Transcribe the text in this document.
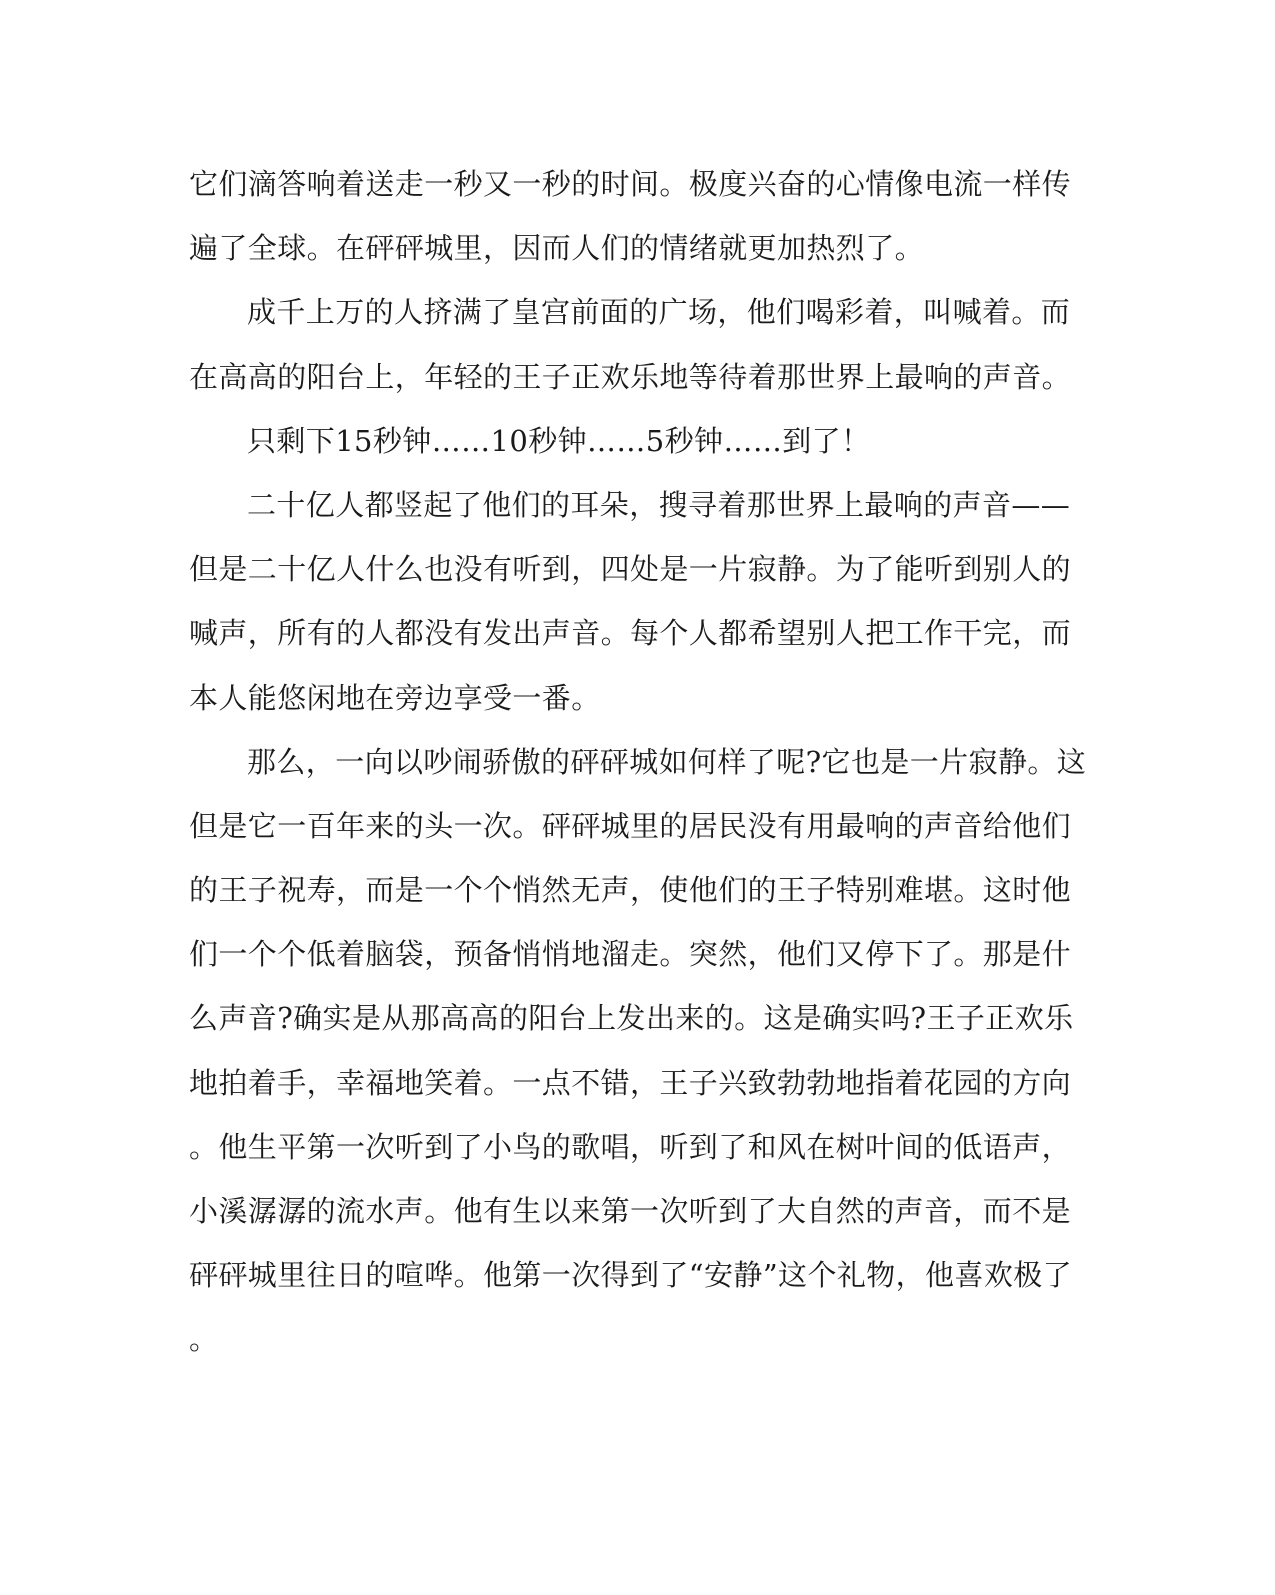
它们滴答响着送走一秒又一秒的时间。极度兴奋的心情像电流一样传
遍了全球。在砰砰城里，因而人们的情绪就更加热烈了。
成千上万的人挤满了皇宫前面的广场，他们喝彩着，叫喊着。而
在高高的阳台上，年轻的王子正欢乐地等待着那世界上最响的声音。
只剩下15秒钟……10秒钟……5秒钟……到了！
二十亿人都竖起了他们的耳朵，搜寻着那世界上最响的声音——
但是二十亿人什么也没有听到，四处是一片寂静。为了能听到别人的
喊声，所有的人都没有发出声音。每个人都希望别人把工作干完，而
本人能悠闲地在旁边享受一番。
那么，一向以吵闹骄傲的砰砰城如何样了呢?它也是一片寂静。这
但是它一百年来的头一次。砰砰城里的居民没有用最响的声音给他们
的王子祝寿，而是一个个悄然无声，使他们的王子特别难堪。这时他
们一个个低着脑袋，预备悄悄地溜走。突然，他们又停下了。那是什
么声音?确实是从那高高的阳台上发出来的。这是确实吗?王子正欢乐
地拍着手，幸福地笑着。一点不错，王子兴致勃勃地指着花园的方向
。他生平第一次听到了小鸟的歌唱，听到了和风在树叶间的低语声，
小溪潺潺的流水声。他有生以来第一次听到了大自然的声音，而不是
砰砰城里往日的喧哗。他第一次得到了“安静”这个礼物，他喜欢极了
。
